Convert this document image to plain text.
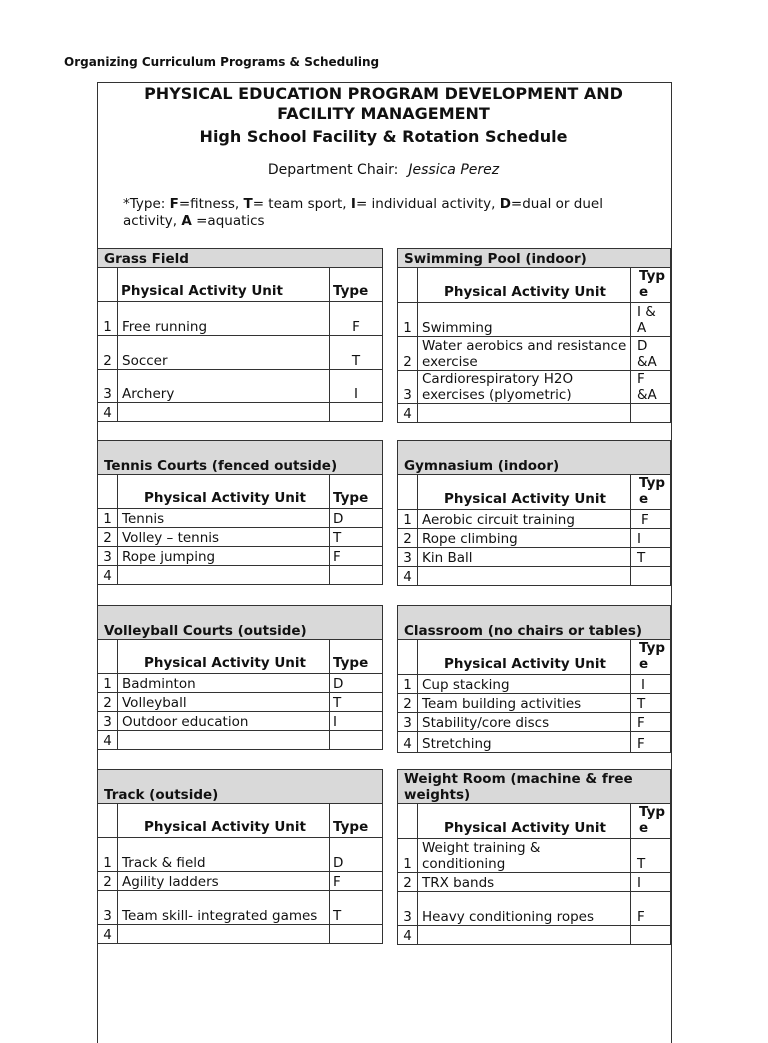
Organizing Curriculum Programs & Scheduling
PHYSICAL EDUCATION PROGRAM DEVELOPMENT AND
FACILITY MANAGEMENT
High School Facility & Rotation Schedule
Department Chair: Jessica Perez
*Type: F=fitness, T= team sport, I= individual activity, D=dual or duel activity, A =aquatics
Grass Field		
	Physical Activity Unit	Type
1	Free running	F
2	Soccer	T
3	Archery	I
4		
Swimming Pool (indoor)		
	Physical Activity Unit	Type
1	Swimming	I & A
2	Water aerobics and resistance exercise	D &A
3	Cardiorespiratory H2O exercises (plyometric)	F &A
4		
Tennis Courts (fenced outside)		
	Physical Activity Unit	Type
1	Tennis	D
2	Volley – tennis	T
3	Rope jumping	F
4		
Gymnasium (indoor)		
	Physical Activity Unit	Type
1	Aerobic circuit training	F
2	Rope climbing	I
3	Kin Ball	T
4		
Volleyball Courts (outside)		
	Physical Activity Unit	Type
1	Badminton	D
2	Volleyball	T
3	Outdoor education	I
4		
Classroom (no chairs or tables)		
	Physical Activity Unit	Type
1	Cup stacking	I
2	Team building activities	T
3	Stability/core discs	F
4	Stretching	F
Track (outside)		
	Physical Activity Unit	Type
1	Track & field	D
2	Agility ladders	F
3	Team skill- integrated games	T
4		
Weight Room (machine & free weights)		
	Physical Activity Unit	Type
1	Weight training & conditioning	T
2	TRX bands	I
3	Heavy conditioning ropes	F
4		
